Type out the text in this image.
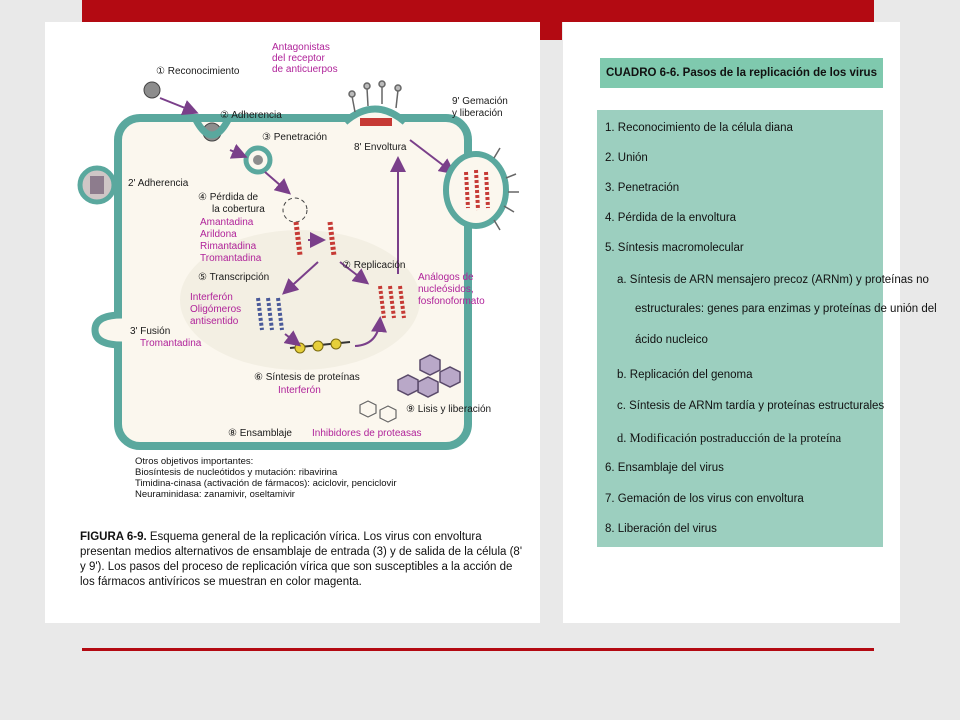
① Reconocimiento
② Adherencia
③ Penetración
④ Pérdida de
la cobertura
⑤ Transcripción
⑥ Síntesis de proteínas
⑦ Replicación
⑧ Ensamblaje
8' Envoltura
⑨ Lisis y liberación
9' Gemación
y liberación
2' Adherencia
3' Fusión
Antagonistas
del receptor
de anticuerpos
Amantadina
Arildona
Rimantadina
Tromantadina
Interferón
Oligómeros
antisentido
Tromantadina
Análogos de
nucleósidos,
fosfonoformato
Interferón
Inhibidores de proteasas
Otros objetivos importantes:
Biosíntesis de nucleótidos y mutación: ribavirina
Timidina-cinasa (activación de fármacos): aciclovir, penciclovir
Neuraminidasa: zanamivir, oseltamivir
FIGURA 6-9. Esquema general de la replicación vírica. Los virus con envoltura presentan medios alternativos de ensamblaje de entrada (3) y de salida de la célula (8' y 9'). Los pasos del proceso de replicación vírica que son susceptibles a la acción de los fármacos antivíricos se muestran en color magenta.
CUADRO 6-6. Pasos de la replicación de los virus
1. Reconocimiento de la célula diana
2. Unión
3. Penetración
4. Pérdida de la envoltura
5. Síntesis macromolecular
a. Síntesis de ARN mensajero precoz (ARNm) y proteínas no
estructurales: genes para enzimas y proteínas de unión del
ácido nucleico
b. Replicación del genoma
c. Síntesis de ARNm tardía y proteínas estructurales
d. Modificación postraducción de la proteína
6. Ensamblaje del virus
7. Gemación de los virus con envoltura
8. Liberación del virus
